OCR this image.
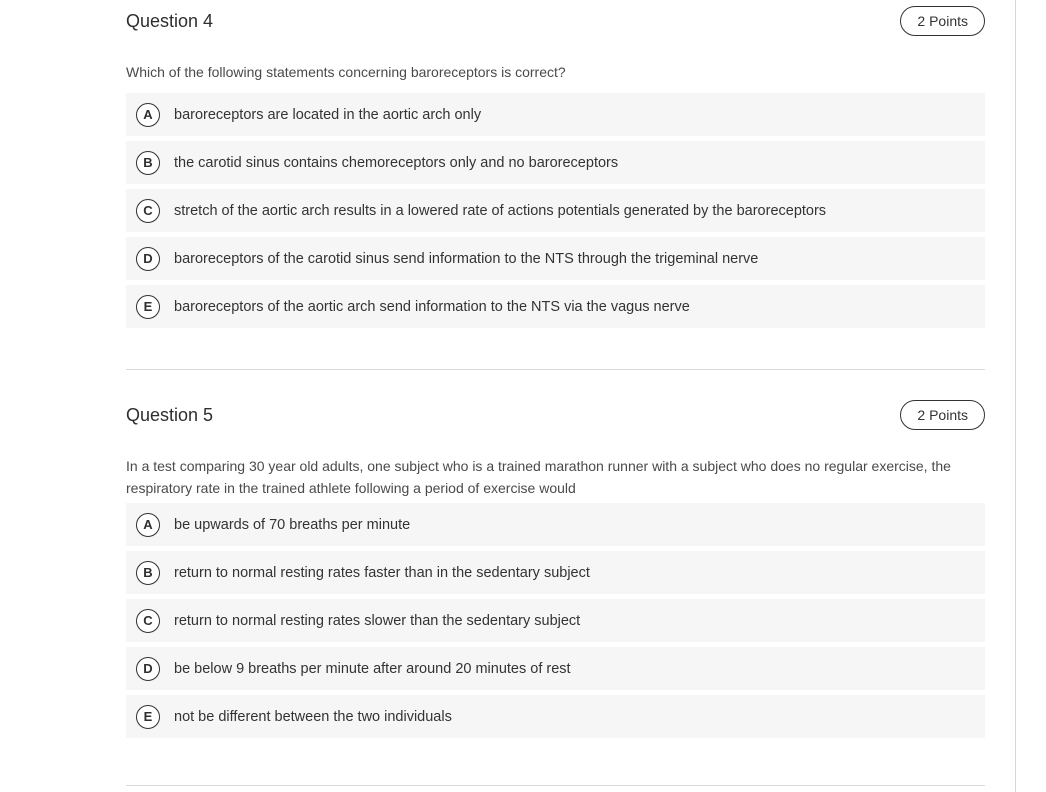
Question 4	2 Points
Which of the following statements concerning baroreceptors is correct?
A	baroreceptors are located in the aortic arch only
B	the carotid sinus contains chemoreceptors only and no baroreceptors
C	stretch of the aortic arch results in a lowered rate of actions potentials generated by the baroreceptors
D	baroreceptors of the carotid sinus send information to the NTS through the trigeminal nerve
E	baroreceptors of the aortic arch send information to the NTS via the vagus nerve
Question 5	2 Points
In a test comparing 30 year old adults, one subject who is a trained marathon runner with a subject who does no regular exercise, the respiratory rate in the trained athlete following a period of exercise would
A	be upwards of 70 breaths per minute
B	return to normal resting rates faster than in the sedentary subject
C	return to normal resting rates slower than the sedentary subject
D	be below 9 breaths per minute after around 20 minutes of rest
E	not be different between the two individuals
